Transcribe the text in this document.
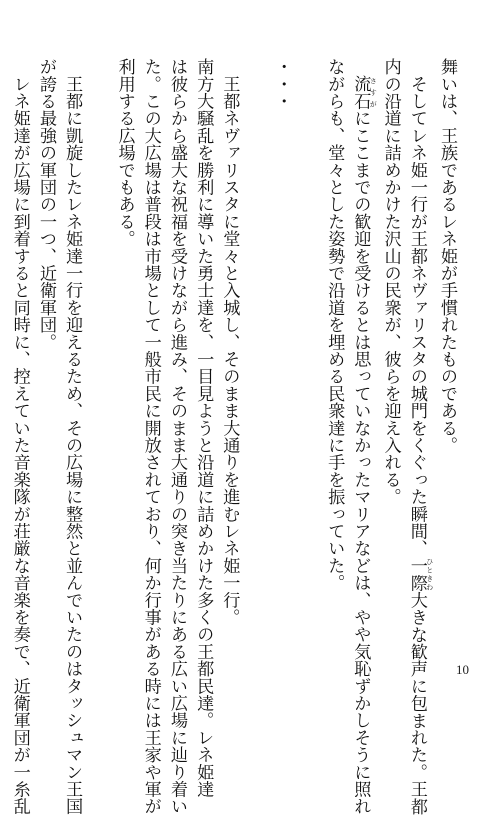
舞いは、王族であるレネ姫が手慣れたものである。

　そしてレネ姫一行が王都ネヴァリスタの城門をくぐった瞬間、一際 ひときわ大きな歓声に包まれた。王都

内の沿道に詰めかけた沢山の民衆が、彼らを迎え入れる。

　流石 さすがにここまでの歓迎を受けるとは思っていなかったマリアなどは、やや気恥ずかしそうに照れ

ながらも、堂々とした姿勢で沿道を埋める民衆達に手を振っていた。

・・・

　王都ネヴァリスタに堂々と入城し、そのまま大通りを進むレネ姫一行。

南方大騒乱を勝利に導いた勇士達を、一目見ようと沿道に詰めかけた多くの王都民達。レネ姫達

は彼らから盛大な祝福を受けながら進み、そのまま大通りの突き当たりにある広い広場に辿り着い

た。この大広場は普段は市場として一般市民に開放されており、何か行事がある時には王家や軍が

利用する広場でもある。

　王都に凱旋したレネ姫達一行を迎えるため、その広場に整然と並んでいたのはタッシュマン王国

が誇る最強の軍団の一つ、近衛軍団。

　レネ姫達が広場に到着すると同時に、控えていた音楽隊が荘厳な音楽を奏で、近衛軍団が一糸乱	10
